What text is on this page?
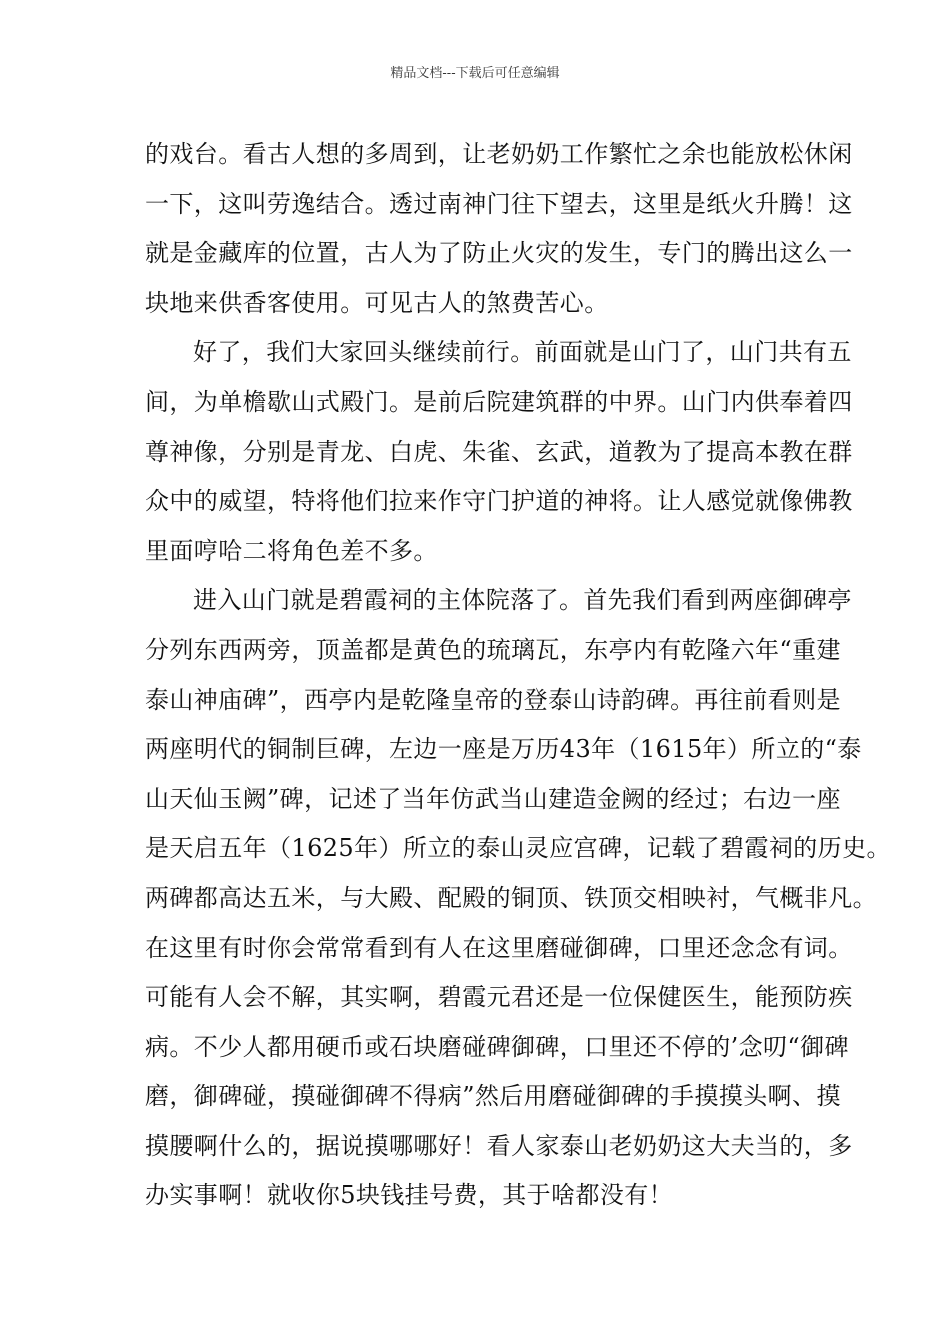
精品文档---下载后可任意编辑
的戏台。看古人想的多周到，让老奶奶工作繁忙之余也能放松休闲
一下，这叫劳逸结合。透过南神门往下望去，这里是纸火升腾！这
就是金藏库的位置，古人为了防止火灾的发生，专门的腾出这么一
块地来供香客使用。可见古人的煞费苦心。
好了，我们大家回头继续前行。前面就是山门了，山门共有五
间，为单檐歇山式殿门。是前后院建筑群的中界。山门内供奉着四
尊神像，分别是青龙、白虎、朱雀、玄武，道教为了提高本教在群
众中的威望，特将他们拉来作守门护道的神将。让人感觉就像佛教
里面哼哈二将角色差不多。
进入山门就是碧霞祠的主体院落了。首先我们看到两座御碑亭
分列东西两旁，顶盖都是黄色的琉璃瓦，东亭内有乾隆六年“重建
泰山神庙碑”，西亭内是乾隆皇帝的登泰山诗韵碑。再往前看则是
两座明代的铜制巨碑，左边一座是万历43年（1615年）所立的“泰
山天仙玉阙”碑，记述了当年仿武当山建造金阙的经过；右边一座
是天启五年（1625年）所立的泰山灵应宫碑，记载了碧霞祠的历史。
两碑都高达五米，与大殿、配殿的铜顶、铁顶交相映衬，气概非凡。
在这里有时你会常常看到有人在这里磨碰御碑，口里还念念有词。
可能有人会不解，其实啊，碧霞元君还是一位保健医生，能预防疾
病。不少人都用硬币或石块磨碰碑御碑，口里还不停的’念叨“御碑
磨，御碑碰，摸碰御碑不得病”然后用磨碰御碑的手摸摸头啊、摸
摸腰啊什么的，据说摸哪哪好！看人家泰山老奶奶这大夫当的，多
办实事啊！就收你5块钱挂号费，其于啥都没有！
